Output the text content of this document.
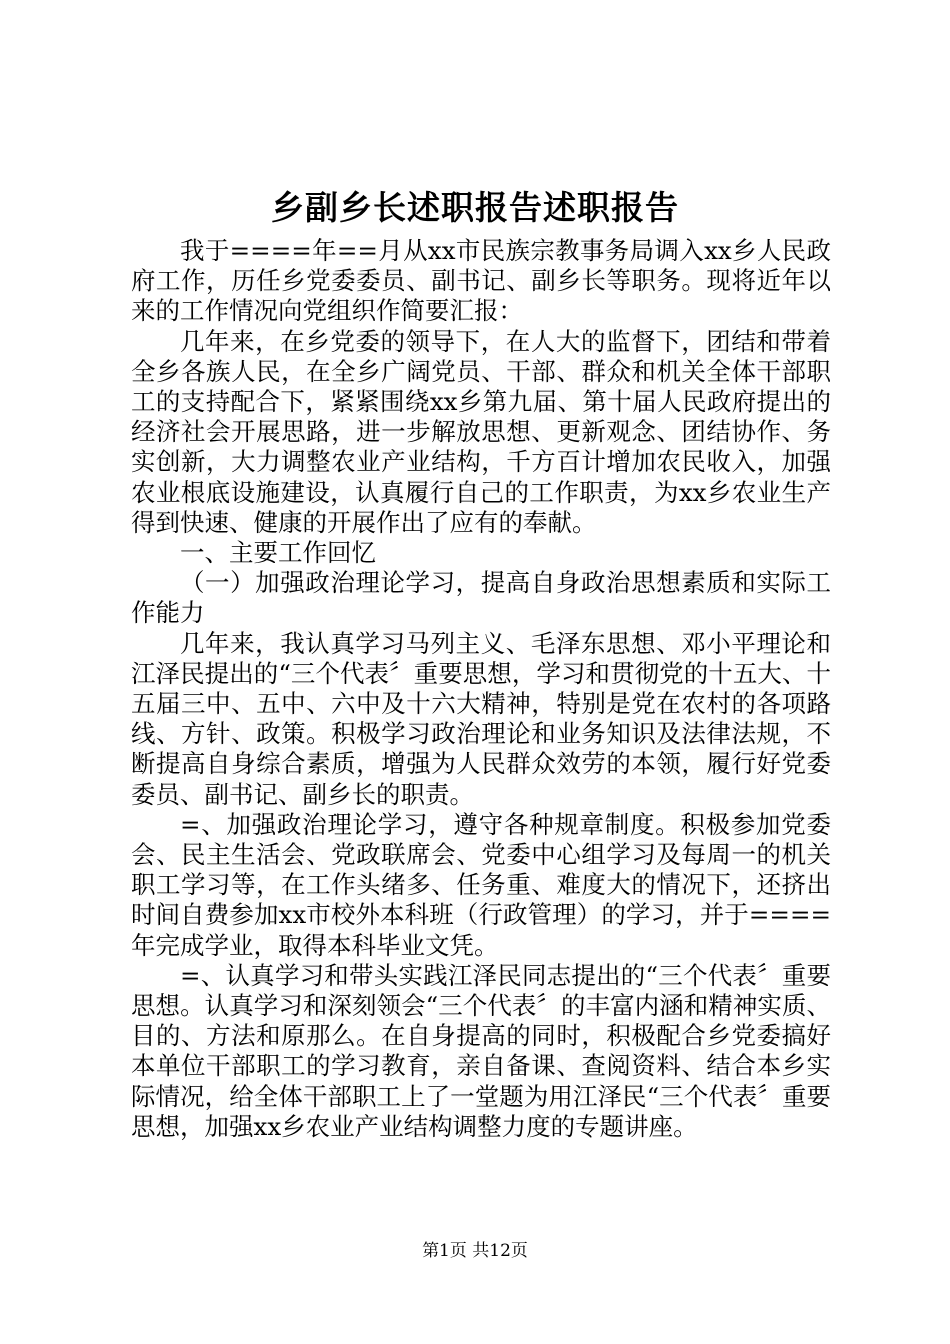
乡副乡长述职报告述职报告

我于====年==月从xx市民族宗教事务局调入xx乡人民政府工作，历任乡党委委员、副书记、副乡长等职务。现将近年以来的工作情况向党组织作简要汇报：

几年来，在乡党委的领导下，在人大的监督下，团结和带着全乡各族人民，在全乡广阔党员、干部、群众和机关全体干部职工的支持配合下，紧紧围绕xx乡第九届、第十届人民政府提出的经济社会开展思路，进一步解放思想、更新观念、团结协作、务实创新，大力调整农业产业结构，千方百计增加农民收入，加强农业根底设施建设，认真履行自己的工作职责，为xx乡农业生产得到快速、健康的开展作出了应有的奉献。

一、主要工作回忆

（一）加强政治理论学习，提高自身政治思想素质和实际工作能力

几年来，我认真学习马列主义、毛泽东思想、邓小平理论和江泽民提出的“三个代表〞重要思想，学习和贯彻党的十五大、十五届三中、五中、六中及十六大精神，特别是党在农村的各项路线、方针、政策。积极学习政治理论和业务知识及法律法规，不断提高自身综合素质，增强为人民群众效劳的本领，履行好党委委员、副书记、副乡长的职责。

=、加强政治理论学习，遵守各种规章制度。积极参加党委会、民主生活会、党政联席会、党委中心组学习及每周一的机关职工学习等，在工作头绪多、任务重、难度大的情况下，还挤出时间自费参加xx市校外本科班（行政管理）的学习，并于====年完成学业，取得本科毕业文凭。

=、认真学习和带头实践江泽民同志提出的“三个代表〞重要思想。认真学习和深刻领会“三个代表〞的丰富内涵和精神实质、目的、方法和原那么。在自身提高的同时，积极配合乡党委搞好本单位干部职工的学习教育，亲自备课、查阅资料、结合本乡实际情况，给全体干部职工上了一堂题为用江泽民“三个代表〞重要思想，加强xx乡农业产业结构调整力度的专题讲座。

第1页 共12页
